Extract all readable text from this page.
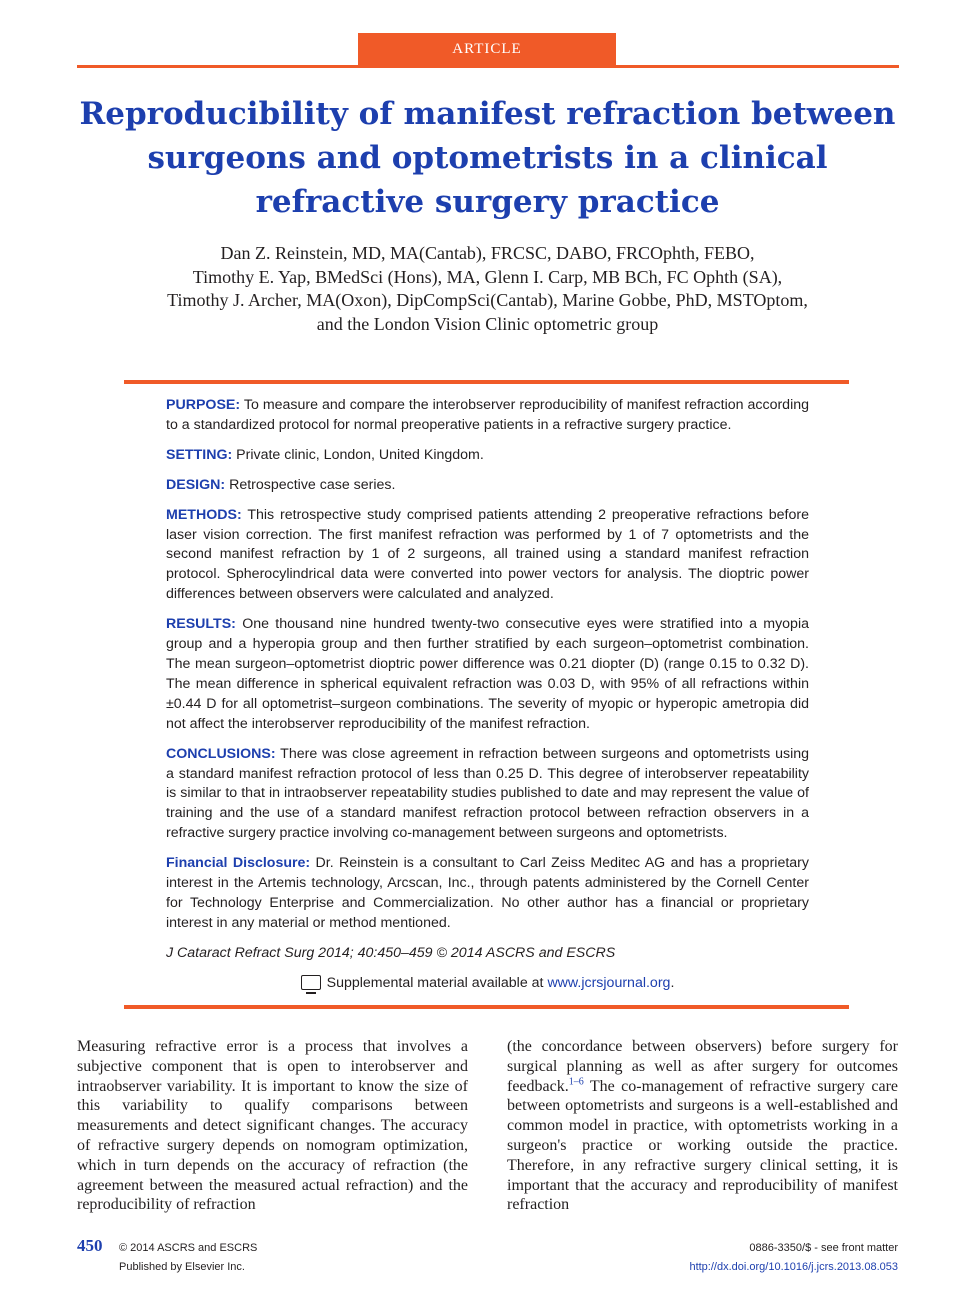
ARTICLE
Reproducibility of manifest refraction between surgeons and optometrists in a clinical refractive surgery practice
Dan Z. Reinstein, MD, MA(Cantab), FRCSC, DABO, FRCOphth, FEBO,
Timothy E. Yap, BMedSci (Hons), MA, Glenn I. Carp, MB BCh, FC Ophth (SA),
Timothy J. Archer, MA(Oxon), DipCompSci(Cantab), Marine Gobbe, PhD, MSTOptom,
and the London Vision Clinic optometric group

PURPOSE: To measure and compare the interobserver reproducibility of manifest refraction according to a standardized protocol for normal preoperative patients in a refractive surgery practice.

SETTING: Private clinic, London, United Kingdom.

DESIGN: Retrospective case series.

METHODS: This retrospective study comprised patients attending 2 preoperative refractions before laser vision correction. The first manifest refraction was performed by 1 of 7 optometrists and the second manifest refraction by 1 of 2 surgeons, all trained using a standard manifest refraction protocol. Spherocylindrical data were converted into power vectors for analysis. The dioptric power differences between observers were calculated and analyzed.

RESULTS: One thousand nine hundred twenty-two consecutive eyes were stratified into a myopia group and a hyperopia group and then further stratified by each surgeon–optometrist combination. The mean surgeon–optometrist dioptric power difference was 0.21 diopter (D) (range 0.15 to 0.32 D). The mean difference in spherical equivalent refraction was 0.03 D, with 95% of all refractions within ±0.44 D for all optometrist–surgeon combinations. The severity of myopic or hyperopic ametropia did not affect the interobserver reproducibility of the manifest refraction.

CONCLUSIONS: There was close agreement in refraction between surgeons and optometrists using a standard manifest refraction protocol of less than 0.25 D. This degree of interobserver repeatability is similar to that in intraobserver repeatability studies published to date and may represent the value of training and the use of a standard manifest refraction protocol between refraction observers in a refractive surgery practice involving co-management between surgeons and optometrists.

Financial Disclosure: Dr. Reinstein is a consultant to Carl Zeiss Meditec AG and has a proprietary interest in the Artemis technology, Arcscan, Inc., through patents administered by the Cornell Center for Technology Enterprise and Commercialization. No other author has a financial or proprietary interest in any material or method mentioned.

J Cataract Refract Surg 2014; 40:450–459 © 2014 ASCRS and ESCRS

Supplemental material available at www.jcrsjournal.org.

Measuring refractive error is a process that involves a subjective component that is open to interobserver and intraobserver variability. It is important to know the size of this variability to qualify comparisons between measurements and detect significant changes. The accuracy of refractive surgery depends on nomogram optimization, which in turn depends on the accuracy of refraction (the agreement between the measured actual refraction) and the reproducibility of refraction

(the concordance between observers) before surgery for surgical planning as well as after surgery for outcomes feedback.$^{1-6}$ The co-management of refractive surgery care between optometrists and surgeons is a well-established and common model in practice, with optometrists working in a surgeon's practice or working outside the practice. Therefore, in any refractive surgery clinical setting, it is important that the accuracy and reproducibility of manifest refraction

450 © 2014 ASCRS and ESCRS
Published by Elsevier Inc.
0886-3350/$ - see front matter
http://dx.doi.org/10.1016/j.jcrs.2013.08.053
